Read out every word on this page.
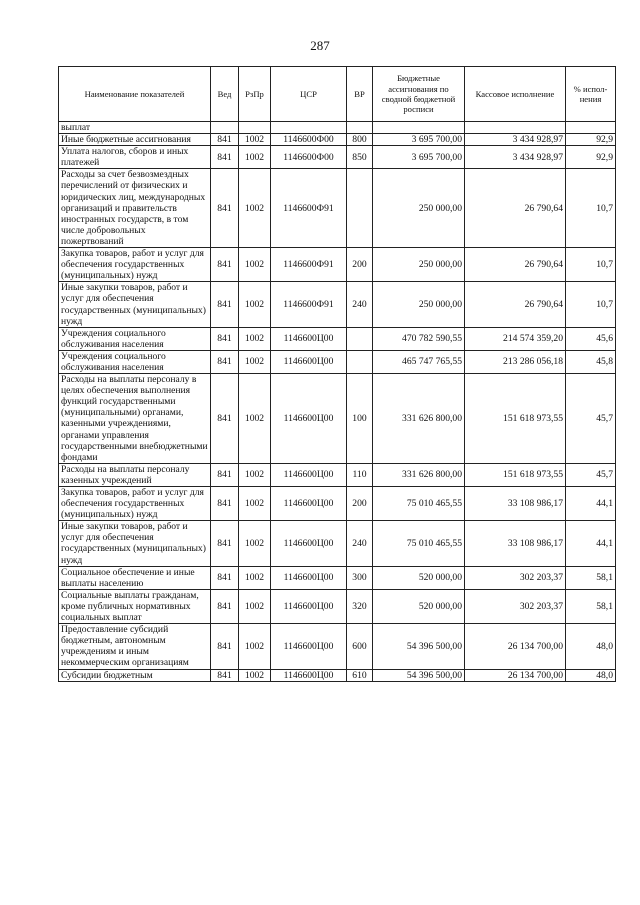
287
Наименование показателей	Вед	РзПр	ЦСР	ВР	Бюджетные ассигнования по сводной бюджетной росписи	Кассовое исполнение	% испол-нения
выплат							
Иные бюджетные ассигнования	841	1002	1146600Ф00	800	3 695 700,00	3 434 928,97	92,9
Уплата налогов, сборов и иных платежей	841	1002	1146600Ф00	850	3 695 700,00	3 434 928,97	92,9
Расходы за счет безвозмездных перечислений от физических и юридических лиц, международных организаций и правительств иностранных государств, в том числе добровольных пожертвований	841	1002	1146600Ф91		250 000,00	26 790,64	10,7
Закупка товаров, работ и услуг для обеспечения государственных (муниципальных) нужд	841	1002	1146600Ф91	200	250 000,00	26 790,64	10,7
Иные закупки товаров, работ и услуг для обеспечения государственных (муниципальных) нужд	841	1002	1146600Ф91	240	250 000,00	26 790,64	10,7
Учреждения социального обслуживания населения	841	1002	1146600Ц00		470 782 590,55	214 574 359,20	45,6
Учреждения социального обслуживания населения	841	1002	1146600Ц00		465 747 765,55	213 286 056,18	45,8
Расходы на выплаты персоналу в целях обеспечения выполнения функций государственными (муниципальными) органами, казенными учреждениями, органами управления государственными внебюджетными фондами	841	1002	1146600Ц00	100	331 626 800,00	151 618 973,55	45,7
Расходы на выплаты персоналу казенных учреждений	841	1002	1146600Ц00	110	331 626 800,00	151 618 973,55	45,7
Закупка товаров, работ и услуг для обеспечения государственных (муниципальных) нужд	841	1002	1146600Ц00	200	75 010 465,55	33 108 986,17	44,1
Иные закупки товаров, работ и услуг для обеспечения государственных (муниципальных) нужд	841	1002	1146600Ц00	240	75 010 465,55	33 108 986,17	44,1
Социальное обеспечение и иные выплаты населению	841	1002	1146600Ц00	300	520 000,00	302 203,37	58,1
Социальные выплаты гражданам, кроме публичных нормативных социальных выплат	841	1002	1146600Ц00	320	520 000,00	302 203,37	58,1
Предоставление субсидий бюджетным, автономным учреждениям и иным некоммерческим организациям	841	1002	1146600Ц00	600	54 396 500,00	26 134 700,00	48,0
Субсидии бюджетным	841	1002	1146600Ц00	610	54 396 500,00	26 134 700,00	48,0
